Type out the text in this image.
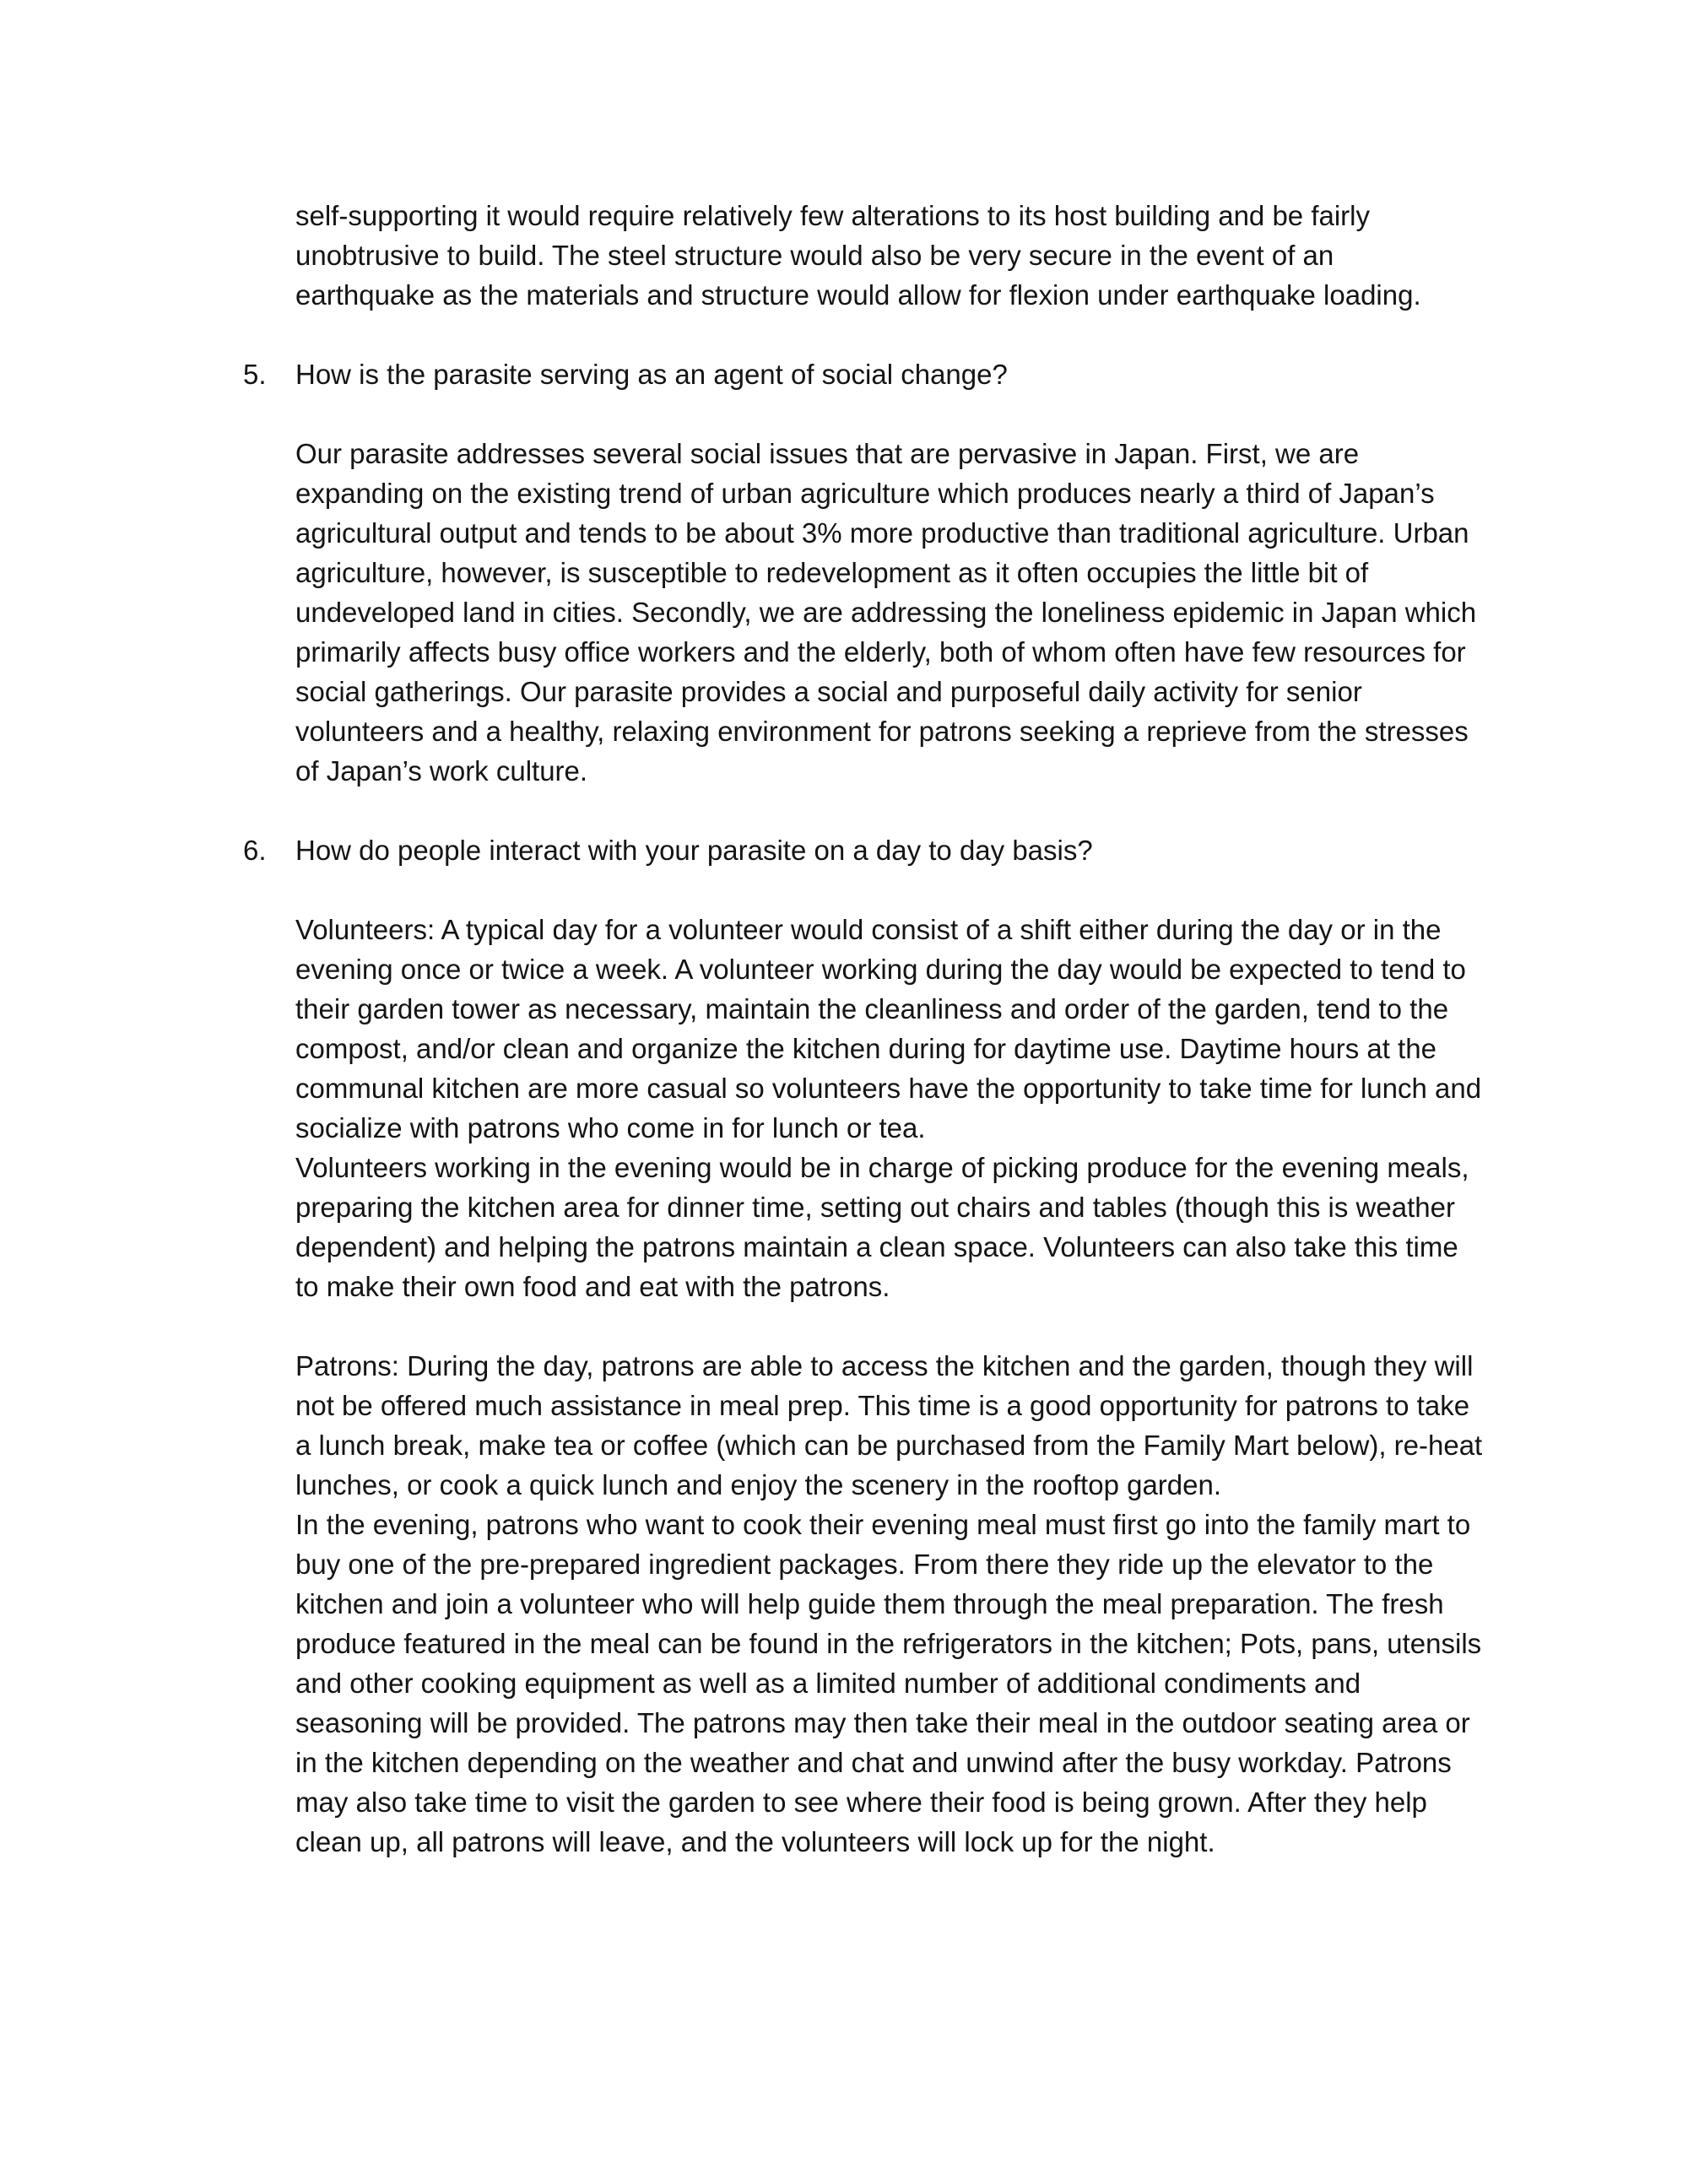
self-supporting it would require relatively few alterations to its host building and be fairly unobtrusive to build. The steel structure would also be very secure in the event of an earthquake as the materials and structure would allow for flexion under earthquake loading.

5. How is the parasite serving as an agent of social change?

Our parasite addresses several social issues that are pervasive in Japan. First, we are expanding on the existing trend of urban agriculture which produces nearly a third of Japan’s agricultural output and tends to be about 3% more productive than traditional agriculture. Urban agriculture, however, is susceptible to redevelopment as it often occupies the little bit of undeveloped land in cities. Secondly, we are addressing the loneliness epidemic in Japan which primarily affects busy office workers and the elderly, both of whom often have few resources for social gatherings. Our parasite provides a social and purposeful daily activity for senior volunteers and a healthy, relaxing environment for patrons seeking a reprieve from the stresses of Japan’s work culture.

6. How do people interact with your parasite on a day to day basis?

Volunteers: A typical day for a volunteer would consist of a shift either during the day or in the evening once or twice a week. A volunteer working during the day would be expected to tend to their garden tower as necessary, maintain the cleanliness and order of the garden, tend to the compost, and/or clean and organize the kitchen during for daytime use. Daytime hours at the communal kitchen are more casual so volunteers have the opportunity to take time for lunch and socialize with patrons who come in for lunch or tea.

Volunteers working in the evening would be in charge of picking produce for the evening meals, preparing the kitchen area for dinner time, setting out chairs and tables (though this is weather dependent) and helping the patrons maintain a clean space. Volunteers can also take this time to make their own food and eat with the patrons.

Patrons: During the day, patrons are able to access the kitchen and the garden, though they will not be offered much assistance in meal prep. This time is a good opportunity for patrons to take a lunch break, make tea or coffee (which can be purchased from the Family Mart below), re-heat lunches, or cook a quick lunch and enjoy the scenery in the rooftop garden.

In the evening, patrons who want to cook their evening meal must first go into the family mart to buy one of the pre-prepared ingredient packages. From there they ride up the elevator to the kitchen and join a volunteer who will help guide them through the meal preparation. The fresh produce featured in the meal can be found in the refrigerators in the kitchen; Pots, pans, utensils and other cooking equipment as well as a limited number of additional condiments and seasoning will be provided. The patrons may then take their meal in the outdoor seating area or in the kitchen depending on the weather and chat and unwind after the busy workday. Patrons may also take time to visit the garden to see where their food is being grown. After they help clean up, all patrons will leave, and the volunteers will lock up for the night.
